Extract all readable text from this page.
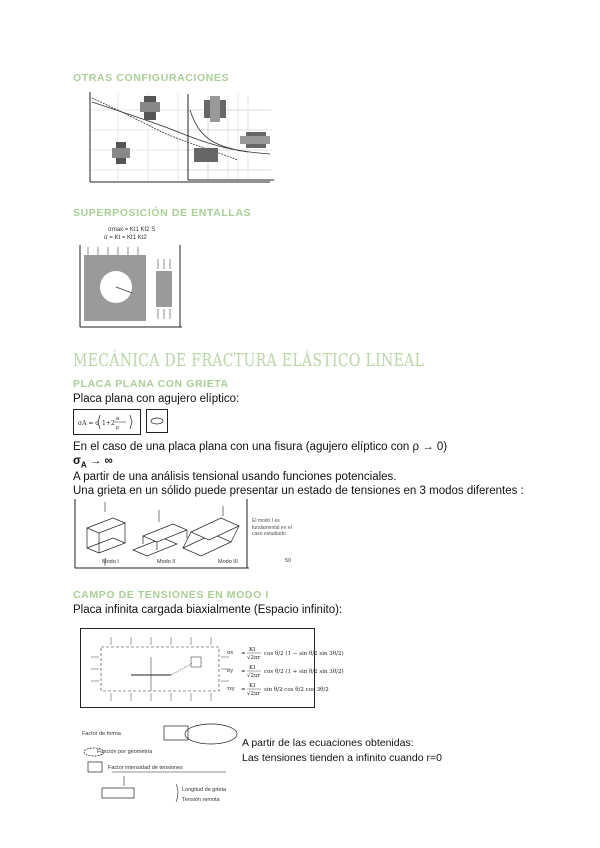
OTRAS CONFIGURACIONES
SUPERPOSICIÓN DE ENTALLAS
σmax = Kt1 Kt2 S
σ = Kt = Kt1 Kt2
MECÁNICA DE FRACTURA ELÁSTICO LINEAL
PLACA PLANA CON GRIETA
Placa plana con agujero elíptico:
σA = σ 1+2
a
ρ
En el caso de una placa plana con una fisura (agujero elíptico con ρ → 0)
$\sigma_A$ → ∞
A partir de una análisis tensional usando funciones potenciales.
Una grieta en un sólido puede presentar un estado de tensiones en 3 modos diferentes :
Modo I	Modo II	Modo III
El modo I es fundamental en el caso estudiado
50
CAMPO DE TENSIONES EN MODO I
Placa infinita cargada biaxialmente (Espacio infinito):
=
KI
√2πr
cos θ/2 (1 − sin θ/2 sin 3θ/2)
=
KI
√2πr
cos θ/2 (1 + sin θ/2 sin 3θ/2)
=
KI
√2πr
sin θ/2 cos θ/2 cos 3θ/2
σx
σy
τxy
Factor de forma
Función por geometría
Factor intensidad de tensiones
Longitud de grieta
Tensión remota
A partir de las ecuaciones obtenidas:
Las tensiones tienden a infinito cuando r=0
